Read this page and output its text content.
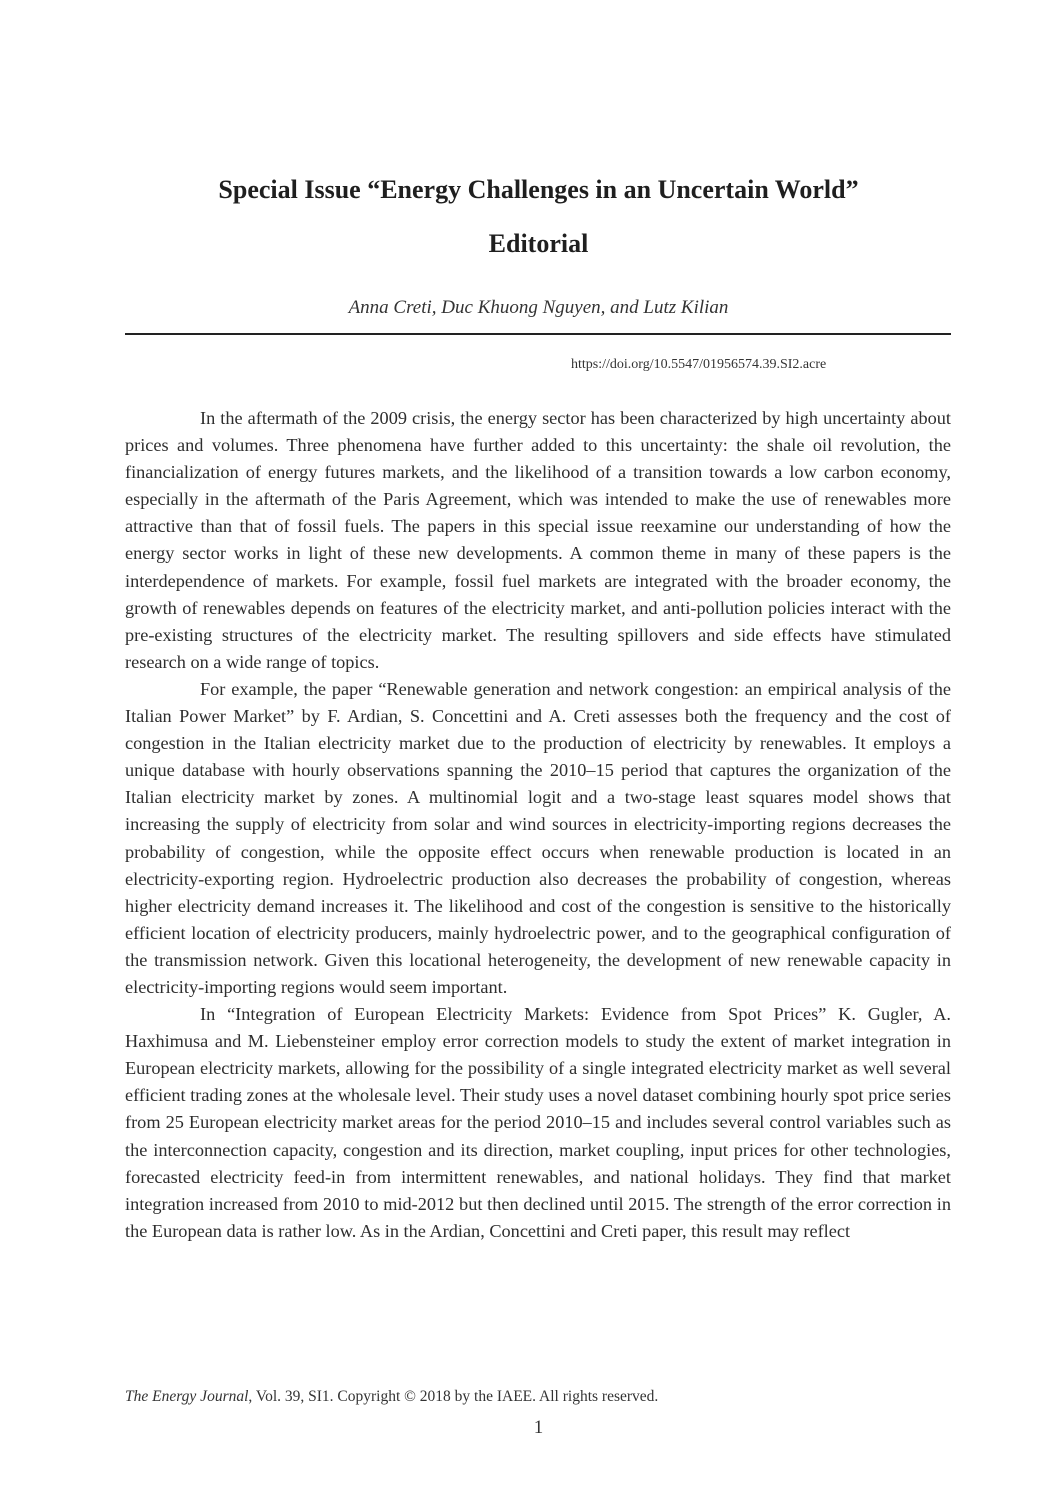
Special Issue “Energy Challenges in an Uncertain World”
Editorial

Anna Creti, Duc Khuong Nguyen, and Lutz Kilian

https://doi.org/10.5547/01956574.39.SI2.acre

In the aftermath of the 2009 crisis, the energy sector has been characterized by high uncertainty about prices and volumes. Three phenomena have further added to this uncertainty: the shale oil revolution, the financialization of energy futures markets, and the likelihood of a transition towards a low carbon economy, especially in the aftermath of the Paris Agreement, which was intended to make the use of renewables more attractive than that of fossil fuels. The papers in this special issue reexamine our understanding of how the energy sector works in light of these new developments. A common theme in many of these papers is the interdependence of markets. For example, fossil fuel markets are integrated with the broader economy, the growth of renewables depends on features of the electricity market, and anti-pollution policies interact with the pre-existing structures of the electricity market. The resulting spillovers and side effects have stimulated research on a wide range of topics.

For example, the paper “Renewable generation and network congestion: an empirical analysis of the Italian Power Market” by F. Ardian, S. Concettini and A. Creti assesses both the frequency and the cost of congestion in the Italian electricity market due to the production of electricity by renewables. It employs a unique database with hourly observations spanning the 2010–15 period that captures the organization of the Italian electricity market by zones. A multinomial logit and a two-stage least squares model shows that increasing the supply of electricity from solar and wind sources in electricity-importing regions decreases the probability of congestion, while the opposite effect occurs when renewable production is located in an electricity-exporting region. Hydroelectric production also decreases the probability of congestion, whereas higher electricity demand increases it. The likelihood and cost of the congestion is sensitive to the historically efficient location of electricity producers, mainly hydroelectric power, and to the geographical configuration of the transmission network. Given this locational heterogeneity, the development of new renewable capacity in electricity-importing regions would seem important.

In “Integration of European Electricity Markets: Evidence from Spot Prices” K. Gugler, A. Haxhimusa and M. Liebensteiner employ error correction models to study the extent of market integration in European electricity markets, allowing for the possibility of a single integrated electricity market as well several efficient trading zones at the wholesale level. Their study uses a novel dataset combining hourly spot price series from 25 European electricity market areas for the period 2010–15 and includes several control variables such as the interconnection capacity, congestion and its direction, market coupling, input prices for other technologies, forecasted electricity feed-in from intermittent renewables, and national holidays. They find that market integration increased from 2010 to mid-2012 but then declined until 2015. The strength of the error correction in the European data is rather low. As in the Ardian, Concettini and Creti paper, this result may reflect

The Energy Journal, Vol. 39, SI1. Copyright © 2018 by the IAEE. All rights reserved.

1
